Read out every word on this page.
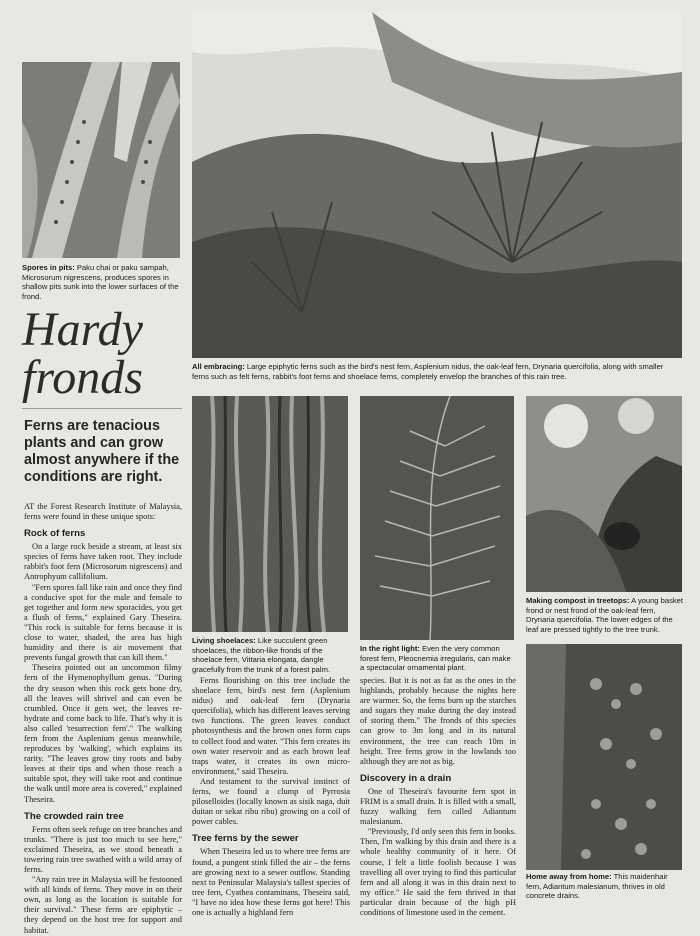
Spores in pits: Paku chai or paku sampah, Microsorum nigrescens, produces spores in shallow pits sunk into the lower surfaces of the frond.
All embracing: Large epiphytic ferns such as the bird's nest fern, Asplenium nidus, the oak-leaf fern, Drynaria quercifolia, along with smaller ferns such as felt ferns, rabbit's foot ferns and shoelace ferns, completely envelop the branches of this rain tree.
Living shoelaces: Like succulent green shoelaces, the ribbon-like fronds of the shoelace fern, Vittaria elongata, dangle gracefully from the trunk of a forest palm.
In the right light: Even the very common forest fern, Pleocnemia irregularis, can make a spectacular ornamental plant.
Making compost in treetops: A young basket frond or nest frond of the oak-leaf fern, Drynaria quercifolia. The lower edges of the leaf are pressed tightly to the tree trunk.
Home away from home: This maidenhair fern, Adiantum malesianum, thrives in old concrete drains.
Hardy
fronds
Ferns are tenacious plants and can grow almost anywhere if the conditions are right.

AT the Forest Research Institute of Malaysia, ferns were found in these unique spots:

Rock of ferns

On a large rock beside a stream, at least six species of ferns have taken root. They include rabbit's foot fern (Microsorum nigrescens) and Antrophyum callifolium.

"Fern spores fall like rain and once they find a conducive spot for the male and female to get together and form new sporacides, you get a flush of ferns," explained Gary Theseira. "This rock is suitable for ferns because it is close to water, shaded, the area has high humidity and there is air movement that prevents fungal growth that can kill them."

Theseira pointed out an uncommon filmy fern of the Hymenophyllum genus. "During the dry season when this rock gets bone dry, all the leaves will shrivel and can even be crumbled. Once it gets wet, the leaves re-hydrate and come back to life. That's why it is also called 'resurrection fern'." The walking fern from the Asplenium genus meanwhile, reproduces by 'walking', which explains its rarity. "The leaves grow tiny roots and baby leaves at their tips and when those reach a suitable spot, they will take root and continue the walk until more area is covered," explained Theseira.

The crowded rain tree

Ferns often seek refuge on tree branches and trunks. "There is just too much to see here," exclaimed Theseira, as we stood beneath a towering rain tree swathed with a wild array of ferns.

"Any rain tree in Malaysia will be festooned with all kinds of ferns. They move in on their own, as long as the location is suitable for their survival." These ferns are epiphytic – they depend on the host tree for support and habitat.

Ferns flourishing on this tree include the shoelace fern, bird's nest fern (Asplenium nidus) and oak-leaf fern (Drynaria quercifolia), which has different leaves serving two functions. The green leaves conduct photosynthesis and the brown ones form cups to collect food and water. "This fern creates its own water reservoir and as each brown leaf traps water, it creates its own micro-environment," said Theseira.

And testament to the survival instinct of ferns, we found a clump of Pyrrosia piloselloides (locally known as sisik naga, duit duitan or sekat ribu ribu) growing on a coil of power cables.

Tree ferns by the sewer

When Theseira led us to where tree ferns are found, a pungent stink filled the air – the ferns are growing next to a sewer outflow. Standing next to Peninsular Malaysia's tallest species of tree fern, Cyathea contaminans, Theseira said, "I have no idea how these ferns got here! This one is actually a highland fern

species. But it is not as fat as the ones in the highlands, probably because the nights here are warmer. So, the ferns burn up the starches and sugars they make during the day instead of storing them." The fronds of this species can grow to 3m long and in its natural environment, the tree can reach 10m in height. Tree ferns grow in the lowlands too although they are not as big.

Discovery in a drain

One of Theseira's favourite fern spot in FRIM is a small drain. It is filled with a small, fuzzy walking fern called Adiantum malesianum.

"Previously, I'd only seen this fern in books. Then, I'm walking by this drain and there is a whole healthy community of it here. Of course, I felt a little foolish because I was travelling all over trying to find this particular fern and all along it was in this drain next to my office." He said the fern thrived in that particular drain because of the high pH conditions of limestone used in the cement.
